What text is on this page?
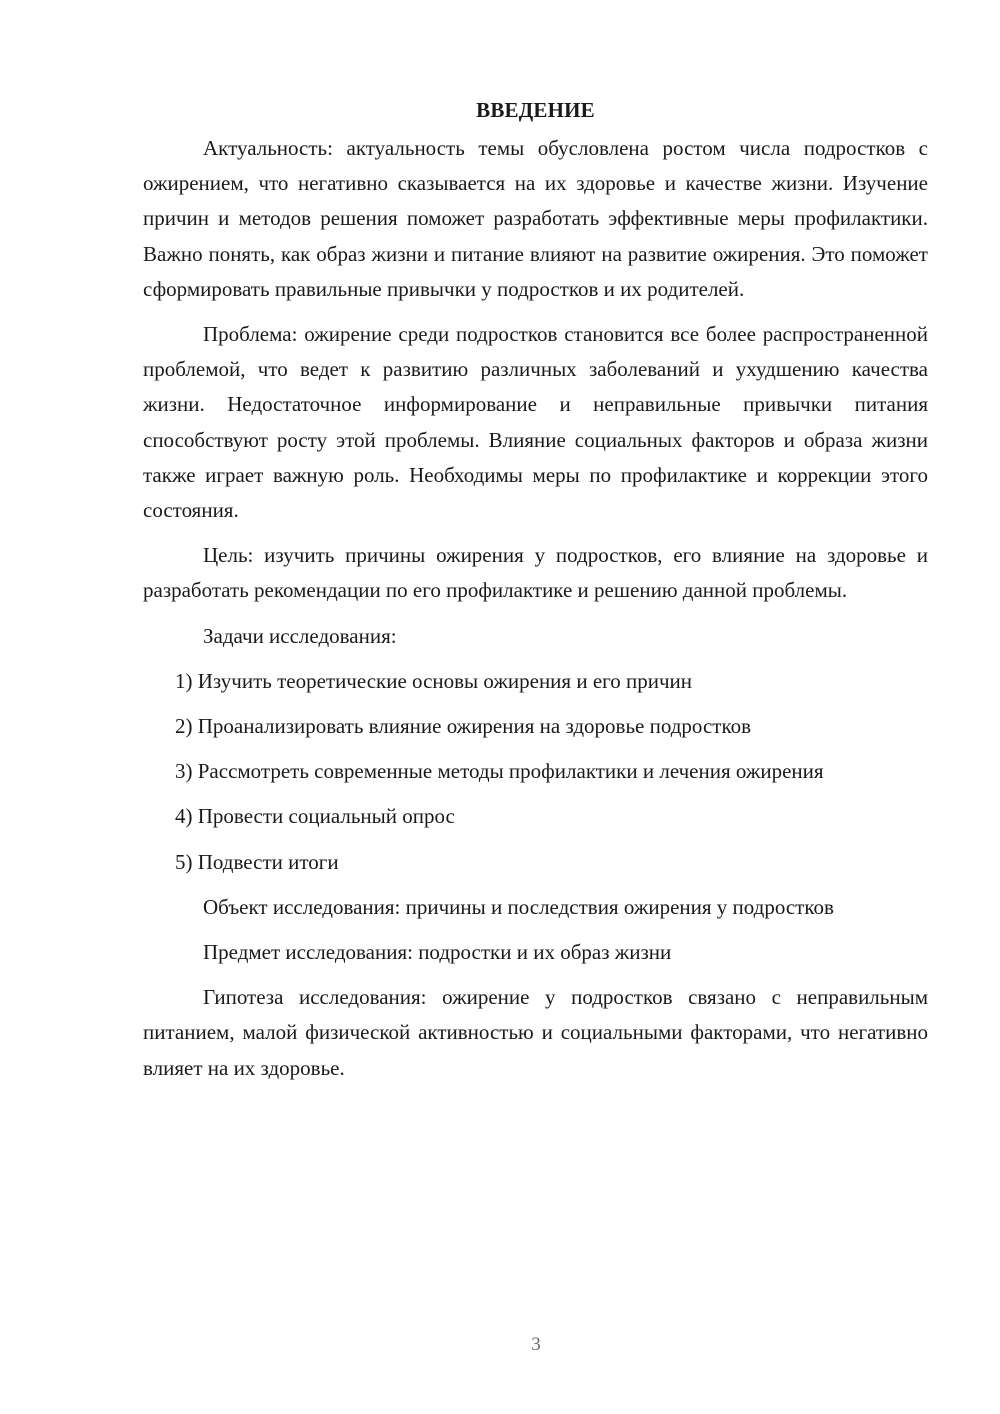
ВВЕДЕНИЕ

Актуальность: актуальность темы обусловлена ростом числа подростков с ожирением, что негативно сказывается на их здоровье и качестве жизни. Изучение причин и методов решения поможет разработать эффективные меры профилактики. Важно понять, как образ жизни и питание влияют на развитие ожирения. Это поможет сформировать правильные привычки у подростков и их родителей.

Проблема: ожирение среди подростков становится все более распространенной проблемой, что ведет к развитию различных заболеваний и ухудшению качества жизни. Недостаточное информирование и неправильные привычки питания способствуют росту этой проблемы. Влияние социальных факторов и образа жизни также играет важную роль. Необходимы меры по профилактике и коррекции этого состояния.

Цель: изучить причины ожирения у подростков, его влияние на здоровье и разработать рекомендации по его профилактике и решению данной проблемы.

Задачи исследования:

1) Изучить теоретические основы ожирения и его причин

2) Проанализировать влияние ожирения на здоровье подростков

3) Рассмотреть современные методы профилактики и лечения ожирения

4) Провести социальный опрос

5) Подвести итоги

Объект исследования: причины и последствия ожирения у подростков

Предмет исследования: подростки и их образ жизни

Гипотеза исследования: ожирение у подростков связано с неправильным питанием, малой физической активностью и социальными факторами, что негативно влияет на их здоровье.

3
